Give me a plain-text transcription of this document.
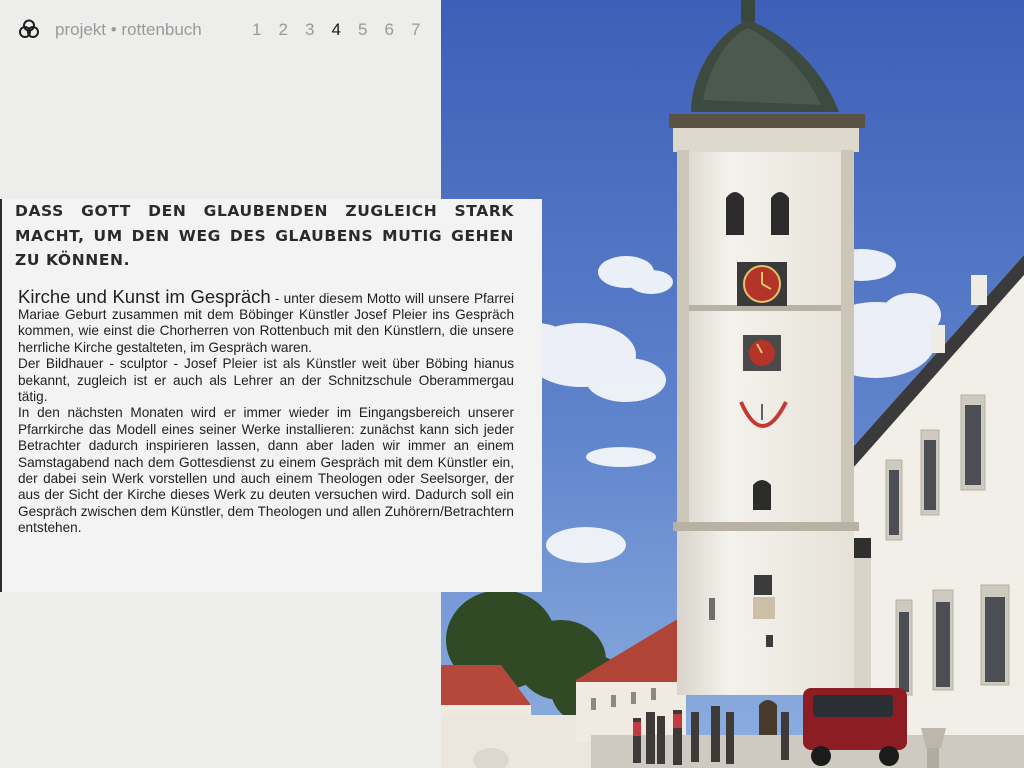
projekt • rottenbuch	1	2	3	4	5	6	7
DASS GOTT DEN GLAUBENDEN ZUGLEICH STARK MACHT, UM DEN WEG DES GLAUBENS MUTIG GEHEN ZU KÖNNEN.

Kirche und Kunst im Gespräch - unter diesem Motto will unsere Pfarrei Mariae Geburt zusammen mit dem Böbinger Künstler Josef Pleier ins Gespräch kommen, wie einst die Chorherren von Rottenbuch mit den Künstlern, die unsere herrliche Kirche gestalteten, im Gespräch waren.

Der Bildhauer - sculptor - Josef Pleier ist als Künstler weit über Böbing hianus bekannt, zugleich ist er auch als Lehrer an der Schnitzschule Oberammergau tätig.

In den nächsten Monaten wird er immer wieder im Eingangsbereich unserer Pfarrkirche das Modell eines seiner Werke installieren: zunächst kann sich jeder Betrachter dadurch inspirieren lassen, dann aber laden wir immer an einem Samstagabend nach dem Gottesdienst zu einem Gespräch mit dem Künstler ein, der dabei sein Werk vorstellen und auch einem Theologen oder Seelsorger, der aus der Sicht der Kirche dieses Werk zu deuten versuchen wird. Dadurch soll ein Gespräch zwischen dem Künstler, dem Theologen und allen Zuhörern/Betrachtern entstehen.
